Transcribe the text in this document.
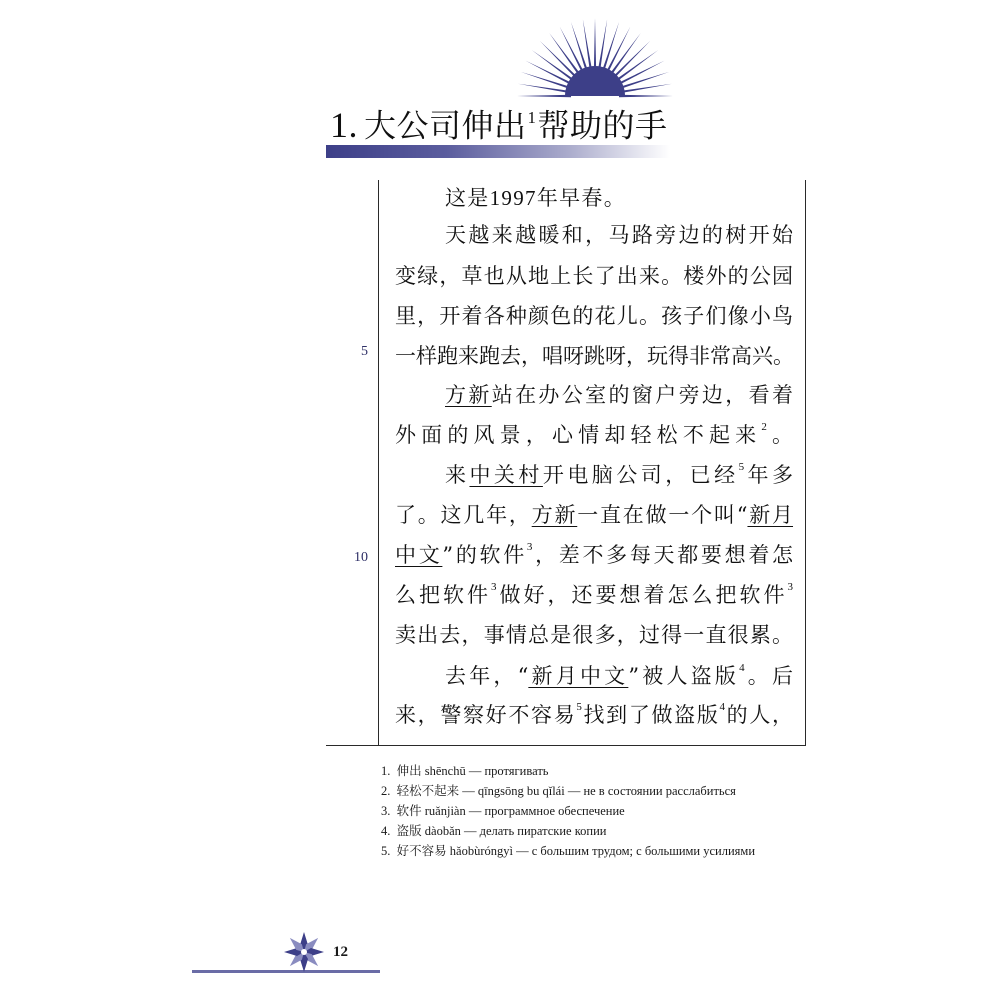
1. 大公司伸出$^1$帮助的手
这是1997年早春。
天越来越暖和，马路旁边的树开始
变绿，草也从地上长了出来。楼外的公园
里，开着各种颜色的花儿。孩子们像小鸟
一样跑来跑去，唱呀跳呀，玩得非常高兴。
方新站在办公室的窗户旁边，看着
外面的风景，心情却轻松不起来$^2$。
来中关村开电脑公司，已经$^5$年多
了。这几年，方新一直在做一个叫“新月
中文”的软件$^3$，差不多每天都要想着怎
么把软件$^3$做好，还要想着怎么把软件$^3$
卖出去，事情总是很多，过得一直很累。
去年，“新月中文”被人盗版$^4$。后
来，警察好不容易$^5$找到了做盗版$^4$的人，
5
10

1. 伸出 shēnchū — протягивать

2. 轻松不起来 — qīngsōng bu qǐlái — не в состоянии расслабиться

3. 软件 ruǎnjiàn — программное обеспечение

4. 盗版 dàobǎn — делать пиратские копии

5. 好不容易 hǎobùróngyì — с большим трудом; с большими усилиями

12
